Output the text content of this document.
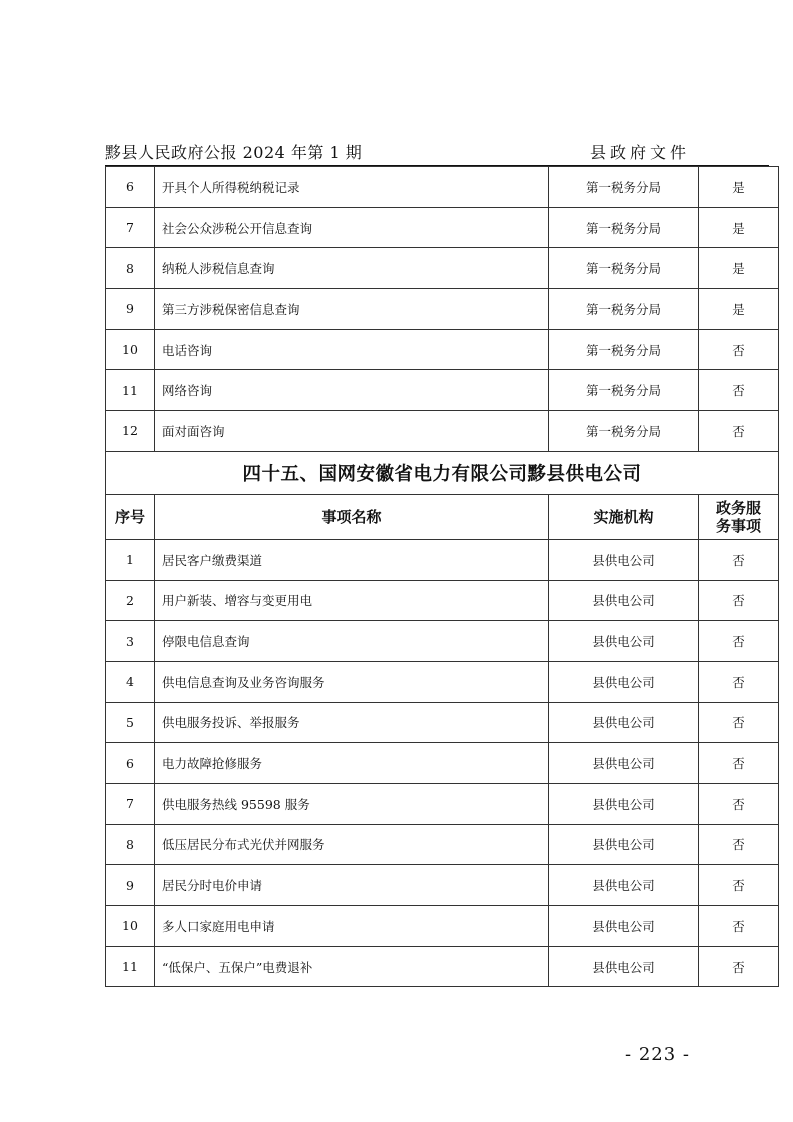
黟县人民政府公报 2024 年第 1 期	县政府文件
6	开具个人所得税纳税记录	第一税务分局	是
7	社会公众涉税公开信息查询	第一税务分局	是
8	纳税人涉税信息查询	第一税务分局	是
9	第三方涉税保密信息查询	第一税务分局	是
10	电话咨询	第一税务分局	否
11	网络咨询	第一税务分局	否
12	面对面咨询	第一税务分局	否
四十五、国网安徽省电力有限公司黟县供电公司			
序号	事项名称	实施机构	政务服
务事项
1	居民客户缴费渠道	县供电公司	否
2	用户新装、增容与变更用电	县供电公司	否
3	停限电信息查询	县供电公司	否
4	供电信息查询及业务咨询服务	县供电公司	否
5	供电服务投诉、举报服务	县供电公司	否
6	电力故障抢修服务	县供电公司	否
7	供电服务热线 95598 服务	县供电公司	否
8	低压居民分布式光伏并网服务	县供电公司	否
9	居民分时电价申请	县供电公司	否
10	多人口家庭用电申请	县供电公司	否
11	“低保户、五保户”电费退补	县供电公司	否
- 223 -
